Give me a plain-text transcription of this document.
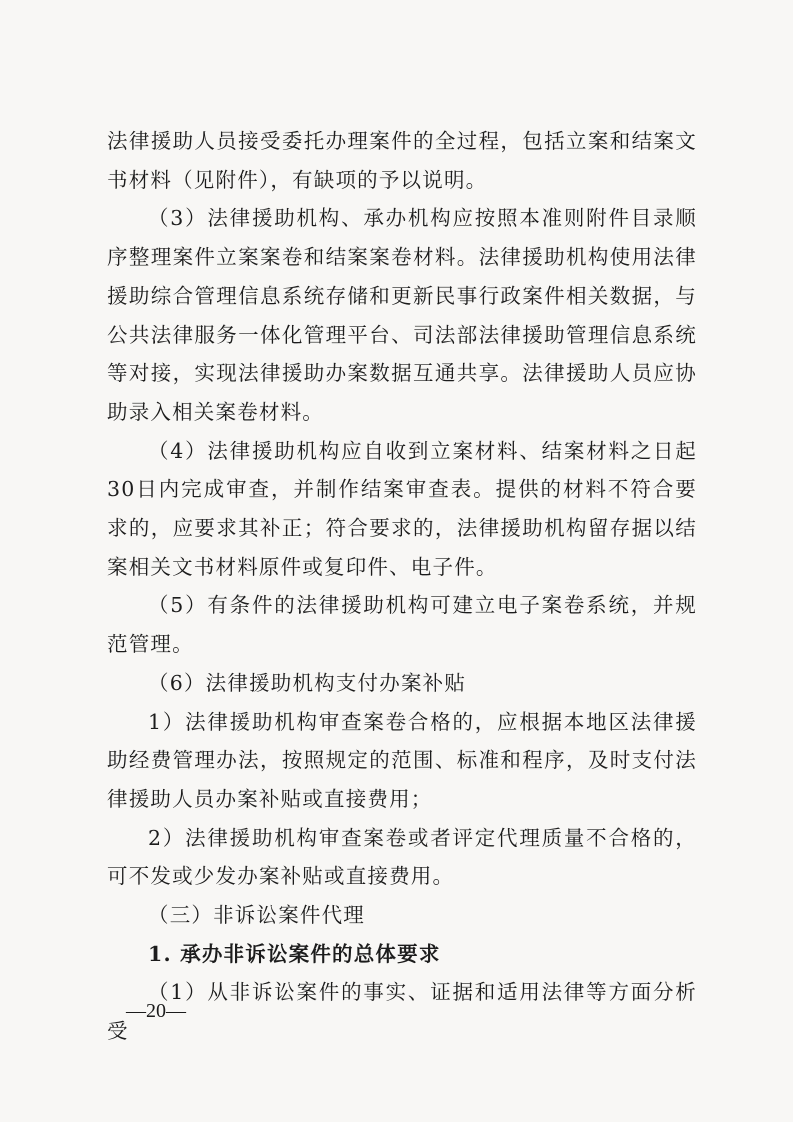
法律援助人员接受委托办理案件的全过程，包括立案和结案文书材料（见附件），有缺项的予以说明。

（3）法律援助机构、承办机构应按照本准则附件目录顺序整理案件立案案卷和结案案卷材料。法律援助机构使用法律援助综合管理信息系统存储和更新民事行政案件相关数据，与公共法律服务一体化管理平台、司法部法律援助管理信息系统等对接，实现法律援助办案数据互通共享。法律援助人员应协助录入相关案卷材料。

（4）法律援助机构应自收到立案材料、结案材料之日起30日内完成审查，并制作结案审查表。提供的材料不符合要求的，应要求其补正；符合要求的，法律援助机构留存据以结案相关文书材料原件或复印件、电子件。

（5）有条件的法律援助机构可建立电子案卷系统，并规范管理。

（6）法律援助机构支付办案补贴

1）法律援助机构审查案卷合格的，应根据本地区法律援助经费管理办法，按照规定的范围、标准和程序，及时支付法律援助人员办案补贴或直接费用；

2）法律援助机构审查案卷或者评定代理质量不合格的，可不发或少发办案补贴或直接费用。

（三）非诉讼案件代理

1. 承办非诉讼案件的总体要求

（1）从非诉讼案件的事实、证据和适用法律等方面分析受

—20—
